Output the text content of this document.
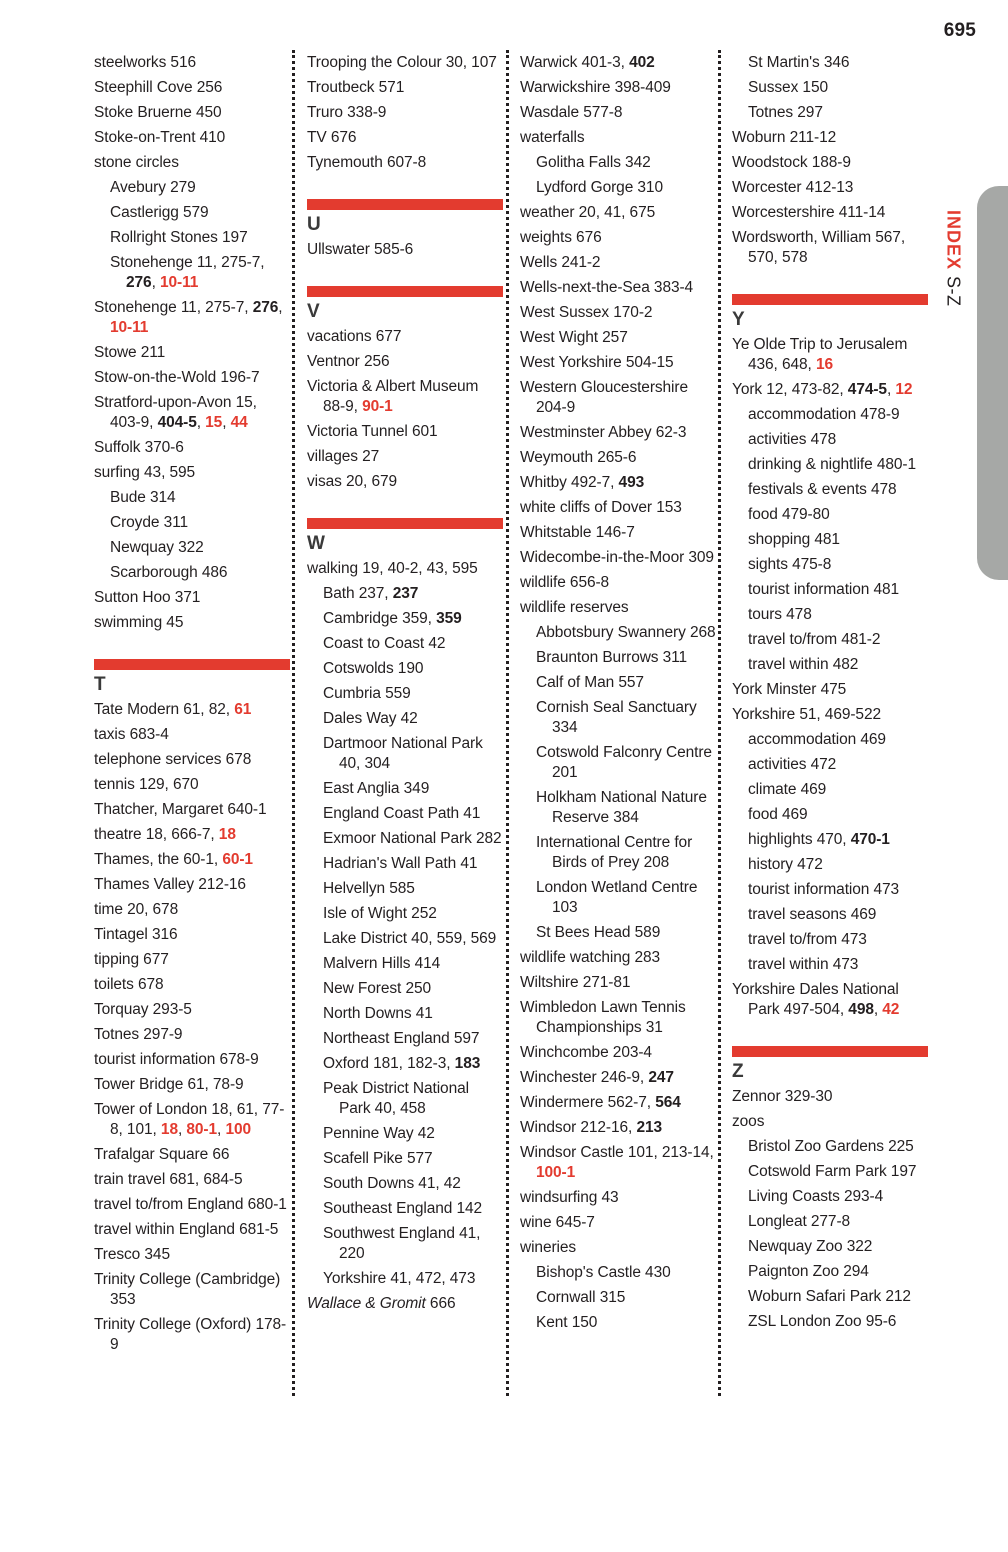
695
INDEX
S-Z
steelworks 516
Steephill Cove 256
Stoke Bruerne 450
Stoke-on-Trent 410
stone circles
Avebury 279
Castlerigg 579
Rollright Stones 197
Stonehenge 11, 275-7, 276, 10-11
Stonehenge 11, 275-7, 276, 10-11
Stowe 211
Stow-on-the-Wold 196-7
Stratford-upon-Avon 15, 403-9, 404-5, 15, 44
Suffolk 370-6
surfing 43, 595
Bude 314
Croyde 311
Newquay 322
Scarborough 486
Sutton Hoo 371
swimming 45
T
Tate Modern 61, 82, 61
taxis 683-4
telephone services 678
tennis 129, 670
Thatcher, Margaret 640-1
theatre 18, 666-7, 18
Thames, the 60-1, 60-1
Thames Valley 212-16
time 20, 678
Tintagel 316
tipping 677
toilets 678
Torquay 293-5
Totnes 297-9
tourist information 678-9
Tower Bridge 61, 78-9
Tower of London 18, 61, 77-8, 101, 18, 80-1, 100
Trafalgar Square 66
train travel 681, 684-5
travel to/from England 680-1
travel within England 681-5
Tresco 345
Trinity College (Cambridge) 353
Trinity College (Oxford) 178-9
Trooping the Colour 30, 107
Troutbeck 571
Truro 338-9
TV 676
Tynemouth 607-8
U
Ullswater 585-6
V
vacations 677
Ventnor 256
Victoria & Albert Museum 88-9, 90-1
Victoria Tunnel 601
villages 27
visas 20, 679
W
walking 19, 40-2, 43, 595
Bath 237, 237
Cambridge 359, 359
Coast to Coast 42
Cotswolds 190
Cumbria 559
Dales Way 42
Dartmoor National Park 40, 304
East Anglia 349
England Coast Path 41
Exmoor National Park 282
Hadrian's Wall Path 41
Helvellyn 585
Isle of Wight 252
Lake District 40, 559, 569
Malvern Hills 414
New Forest 250
North Downs 41
Northeast England 597
Oxford 181, 182-3, 183
Peak District National Park 40, 458
Pennine Way 42
Scafell Pike 577
South Downs 41, 42
Southeast England 142
Southwest England 41, 220
Yorkshire 41, 472, 473
Wallace & Gromit 666
Warwick 401-3, 402
Warwickshire 398-409
Wasdale 577-8
waterfalls
Golitha Falls 342
Lydford Gorge 310
weather 20, 41, 675
weights 676
Wells 241-2
Wells-next-the-Sea 383-4
West Sussex 170-2
West Wight 257
West Yorkshire 504-15
Western Gloucestershire 204-9
Westminster Abbey 62-3
Weymouth 265-6
Whitby 492-7, 493
white cliffs of Dover 153
Whitstable 146-7
Widecombe-in-the-Moor 309
wildlife 656-8
wildlife reserves
Abbotsbury Swannery 268
Braunton Burrows 311
Calf of Man 557
Cornish Seal Sanctuary 334
Cotswold Falconry Centre 201
Holkham National Nature Reserve 384
International Centre for Birds of Prey 208
London Wetland Centre 103
St Bees Head 589
wildlife watching 283
Wiltshire 271-81
Wimbledon Lawn Tennis Championships 31
Winchcombe 203-4
Winchester 246-9, 247
Windermere 562-7, 564
Windsor 212-16, 213
Windsor Castle 101, 213-14, 100-1
windsurfing 43
wine 645-7
wineries
Bishop's Castle 430
Cornwall 315
Kent 150
St Martin's 346
Sussex 150
Totnes 297
Woburn 211-12
Woodstock 188-9
Worcester 412-13
Worcestershire 411-14
Wordsworth, William 567, 570, 578
Y
Ye Olde Trip to Jerusalem 436, 648, 16
York 12, 473-82, 474-5, 12
accommodation 478-9
activities 478
drinking & nightlife 480-1
festivals & events 478
food 479-80
shopping 481
sights 475-8
tourist information 481
tours 478
travel to/from 481-2
travel within 482
York Minster 475
Yorkshire 51, 469-522
accommodation 469
activities 472
climate 469
food 469
highlights 470, 470-1
history 472
tourist information 473
travel seasons 469
travel to/from 473
travel within 473
Yorkshire Dales National Park 497-504, 498, 42
Z
Zennor 329-30
zoos
Bristol Zoo Gardens 225
Cotswold Farm Park 197
Living Coasts 293-4
Longleat 277-8
Newquay Zoo 322
Paignton Zoo 294
Woburn Safari Park 212
ZSL London Zoo 95-6
